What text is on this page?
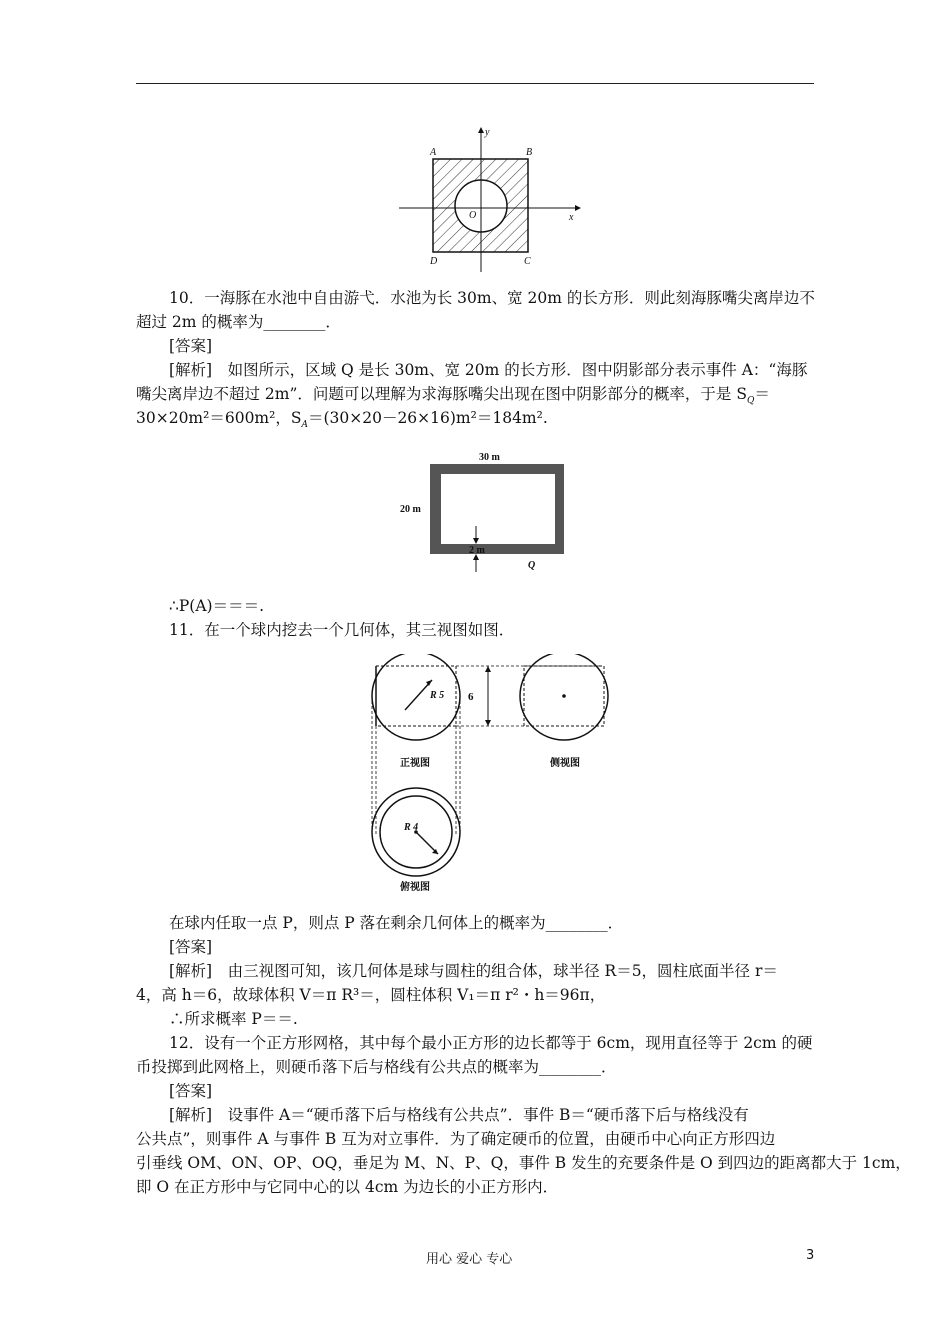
A	B
C
D
O	x
y
10．一海豚在水池中自由游弋．水池为长 30m、宽 20m 的长方形．则此刻海豚嘴尖离岸边不
超过 2m 的概率为________．
[答案]
[解析]　如图所示，区域 Q 是长 30m、宽 20m 的长方形．图中阴影部分表示事件 A：“海豚
嘴尖离岸边不超过 2m”．问题可以理解为求海豚嘴尖出现在图中阴影部分的概率，于是 $S_Q=$
30×20m²＝600m²，$S_A=(30\times 20-26\times 16)m^2=184m^2$.
30 m
20 m
2 m
Q
∴P(A)＝＝＝.
11．在一个球内挖去一个几何体，其三视图如图．
R 5 6
正视图	侧视图
R 4
俯视图
在球内任取一点 P，则点 P 落在剩余几何体上的概率为________．
[答案]
[解析]　由三视图可知，该几何体是球与圆柱的组合体，球半径 R＝5，圆柱底面半径 r＝
4，高 h＝6，故球体积 V＝π R³＝，圆柱体积 V₁＝π r²・h＝96π，
∴所求概率 P＝＝.
12．设有一个正方形网格，其中每个最小正方形的边长都等于 6cm，现用直径等于 2cm 的硬
币投掷到此网格上，则硬币落下后与格线有公共点的概率为________．
[答案]
[解析]　设事件 A＝“硬币落下后与格线有公共点”．事件 B＝“硬币落下后与格线没有
公共点”，则事件 A 与事件 B 互为对立事件．为了确定硬币的位置，由硬币中心向正方形四边
引垂线 OM、ON、OP、OQ，垂足为 M、N、P、Q，事件 B 发生的充要条件是 O 到四边的距离都大于 1cm，
即 O 在正方形中与它同中心的以 4cm 为边长的小正方形内．
用心 爱心 专心	3
